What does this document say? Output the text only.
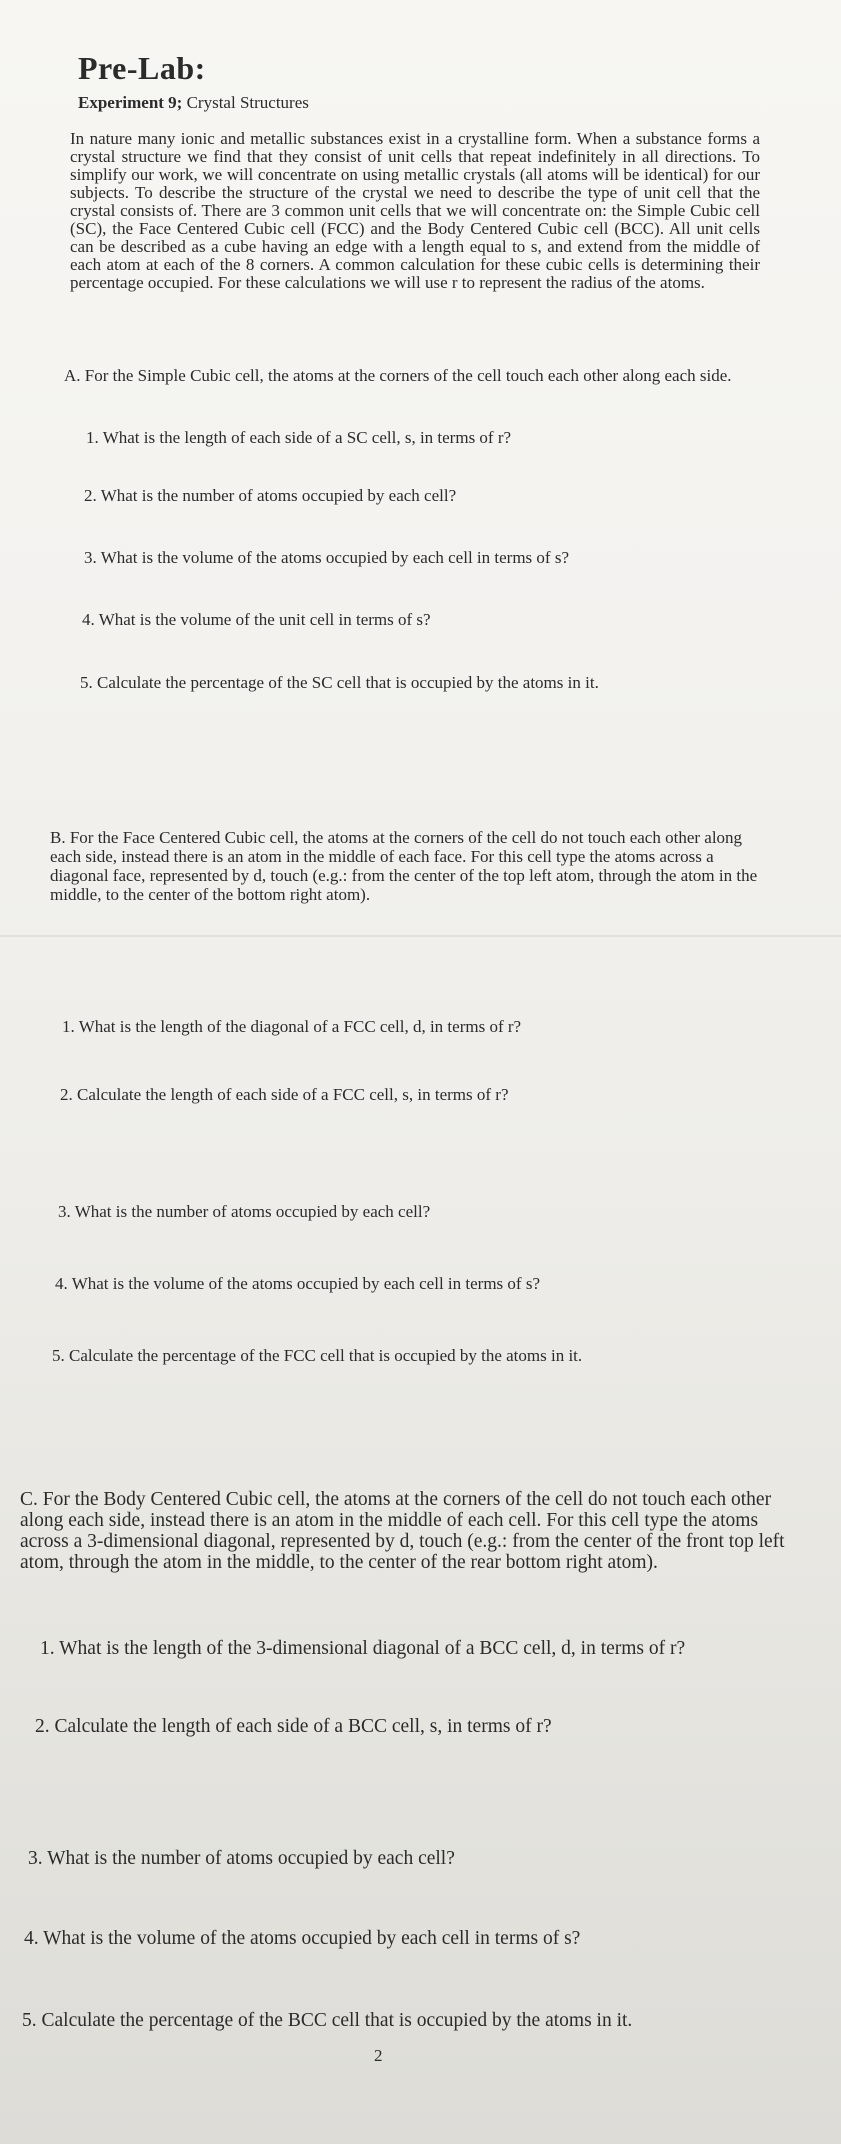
Pre-Lab:
Experiment 9; Crystal Structures
In nature many ionic and metallic substances exist in a crystalline form. When a substance forms a crystal structure we find that they consist of unit cells that repeat indefinitely in all directions. To simplify our work, we will concentrate on using metallic crystals (all atoms will be identical) for our subjects. To describe the structure of the crystal we need to describe the type of unit cell that the crystal consists of. There are 3 common unit cells that we will concentrate on: the Simple Cubic cell (SC), the Face Centered Cubic cell (FCC) and the Body Centered Cubic cell (BCC). All unit cells can be described as a cube having an edge with a length equal to s, and extend from the middle of each atom at each of the 8 corners. A common calculation for these cubic cells is determining their percentage occupied. For these calculations we will use r to represent the radius of the atoms.
A. For the Simple Cubic cell, the atoms at the corners of the cell touch each other along each side.
1. What is the length of each side of a SC cell, s, in terms of r?
2. What is the number of atoms occupied by each cell?
3. What is the volume of the atoms occupied by each cell in terms of s?
4. What is the volume of the unit cell in terms of s?
5. Calculate the percentage of the SC cell that is occupied by the atoms in it.
B. For the Face Centered Cubic cell, the atoms at the corners of the cell do not touch each other along each side, instead there is an atom in the middle of each face. For this cell type the atoms across a diagonal face, represented by d, touch (e.g.: from the center of the top left atom, through the atom in the middle, to the center of the bottom right atom).
1. What is the length of the diagonal of a FCC cell, d, in terms of r?
2. Calculate the length of each side of a FCC cell, s, in terms of r?
3. What is the number of atoms occupied by each cell?
4. What is the volume of the atoms occupied by each cell in terms of s?
5. Calculate the percentage of the FCC cell that is occupied by the atoms in it.
C. For the Body Centered Cubic cell, the atoms at the corners of the cell do not touch each other along each side, instead there is an atom in the middle of each cell. For this cell type the atoms across a 3-dimensional diagonal, represented by d, touch (e.g.: from the center of the front top left atom, through the atom in the middle, to the center of the rear bottom right atom).
1. What is the length of the 3-dimensional diagonal of a BCC cell, d, in terms of r?
2. Calculate the length of each side of a BCC cell, s, in terms of r?
3. What is the number of atoms occupied by each cell?
4. What is the volume of the atoms occupied by each cell in terms of s?
5. Calculate the percentage of the BCC cell that is occupied by the atoms in it.
2
